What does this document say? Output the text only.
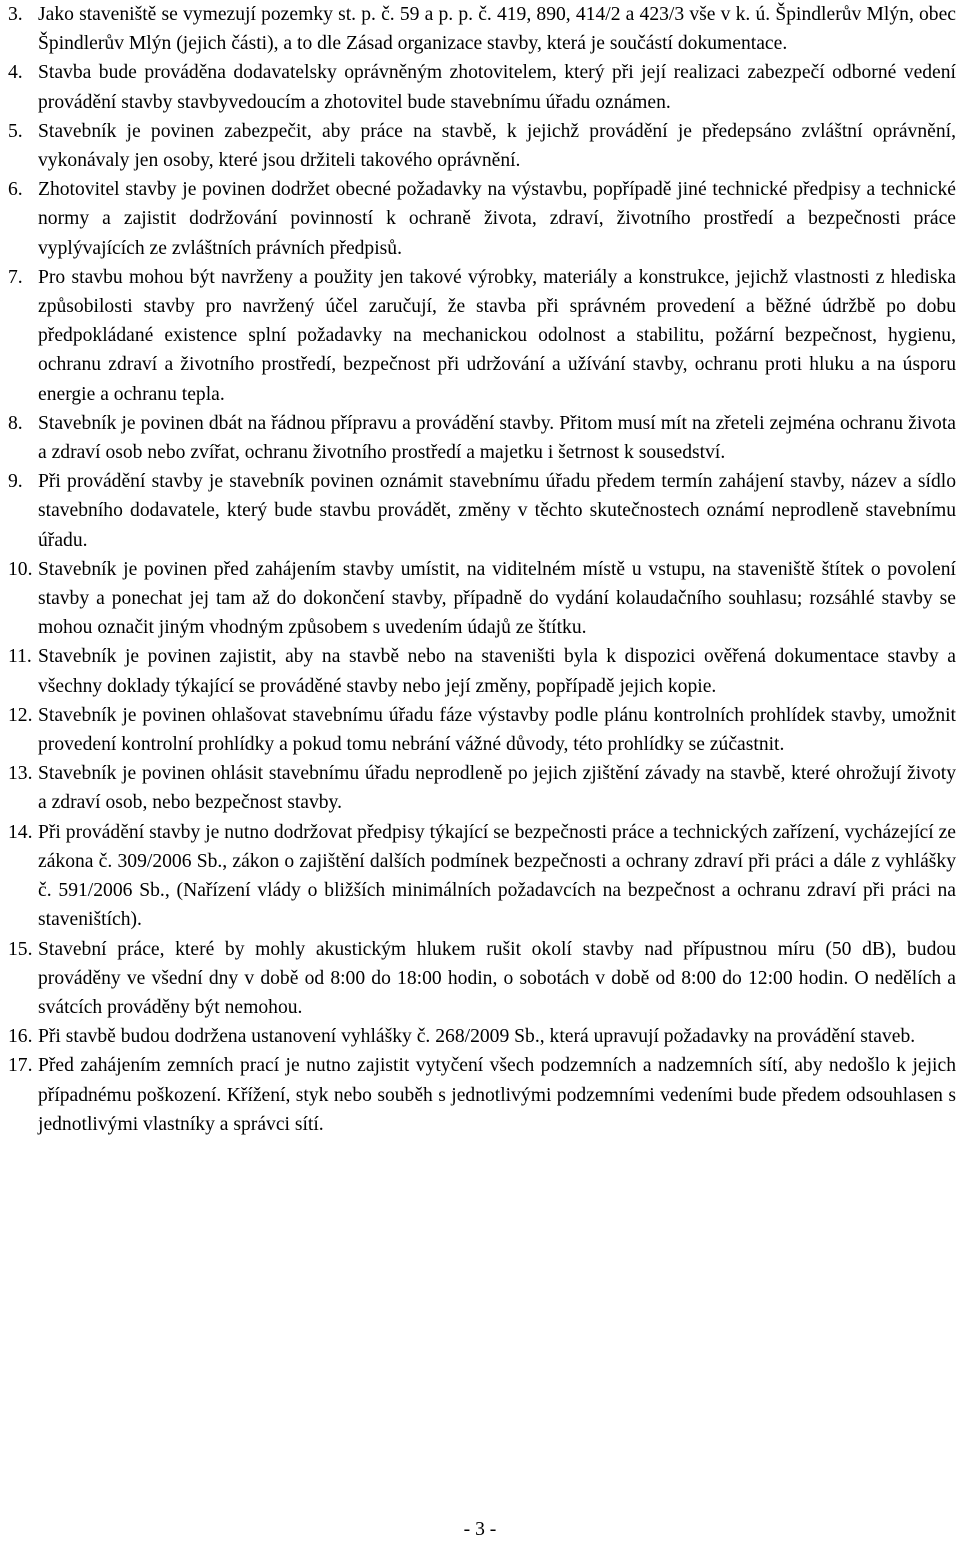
3. Jako staveniště se vymezují pozemky st. p. č. 59 a p. p. č. 419, 890, 414/2 a 423/3 vše v k. ú. Špindlerův Mlýn, obec Špindlerův Mlýn (jejich části), a to dle Zásad organizace stavby, která je součástí dokumentace.
4. Stavba bude prováděna dodavatelsky oprávněným zhotovitelem, který při její realizaci zabezpečí odborné vedení provádění stavby stavbyvedoucím a zhotovitel bude stavebnímu úřadu oznámen.
5. Stavebník je povinen zabezpečit, aby práce na stavbě, k jejichž provádění je předepsáno zvláštní oprávnění, vykonávaly jen osoby, které jsou držiteli takového oprávnění.
6. Zhotovitel stavby je povinen dodržet obecné požadavky na výstavbu, popřípadě jiné technické předpisy a technické normy a zajistit dodržování povinností k ochraně života, zdraví, životního prostředí a bezpečnosti práce vyplývajících ze zvláštních právních předpisů.
7. Pro stavbu mohou být navrženy a použity jen takové výrobky, materiály a konstrukce, jejichž vlastnosti z hlediska způsobilosti stavby pro navržený účel zaručují, že stavba při správném provedení a běžné údržbě po dobu předpokládané existence splní požadavky na mechanickou odolnost a stabilitu, požární bezpečnost, hygienu, ochranu zdraví a životního prostředí, bezpečnost při udržování a užívání stavby, ochranu proti hluku a na úsporu energie a ochranu tepla.
8. Stavebník je povinen dbát na řádnou přípravu a provádění stavby. Přitom musí mít na zřeteli zejména ochranu života a zdraví osob nebo zvířat, ochranu životního prostředí a majetku i šetrnost k sousedství.
9. Při provádění stavby je stavebník povinen oznámit stavebnímu úřadu předem termín zahájení stavby, název a sídlo stavebního dodavatele, který bude stavbu provádět, změny v těchto skutečnostech oznámí neprodleně stavebnímu úřadu.
10. Stavebník je povinen před zahájením stavby umístit, na viditelném místě u vstupu, na staveniště štítek o povolení stavby a ponechat jej tam až do dokončení stavby, případně do vydání kolaudačního souhlasu; rozsáhlé stavby se mohou označit jiným vhodným způsobem s uvedením údajů ze štítku.
11. Stavebník je povinen zajistit, aby na stavbě nebo na staveništi byla k dispozici ověřená dokumentace stavby a všechny doklady týkající se prováděné stavby nebo její změny, popřípadě jejich kopie.
12. Stavebník je povinen ohlašovat stavebnímu úřadu fáze výstavby podle plánu kontrolních prohlídek stavby, umožnit provedení kontrolní prohlídky a pokud tomu nebrání vážné důvody, této prohlídky se zúčastnit.
13. Stavebník je povinen ohlásit stavebnímu úřadu neprodleně po jejich zjištění závady na stavbě, které ohrožují životy a zdraví osob, nebo bezpečnost stavby.
14. Při provádění stavby je nutno dodržovat předpisy týkající se bezpečnosti práce a technických zařízení, vycházející ze zákona č. 309/2006 Sb., zákon o zajištění dalších podmínek bezpečnosti a ochrany zdraví při práci a dále z vyhlášky č. 591/2006 Sb., (Nařízení vlády o bližších minimálních požadavcích na bezpečnost a ochranu zdraví při práci na staveništích).
15. Stavební práce, které by mohly akustickým hlukem rušit okolí stavby nad přípustnou míru (50 dB), budou prováděny ve všední dny v době od 8:00 do 18:00 hodin, o sobotách v době od 8:00 do 12:00 hodin. O nedělích a svátcích prováděny být nemohou.
16. Při stavbě budou dodržena ustanovení vyhlášky č. 268/2009 Sb., která upravují požadavky na provádění staveb.
17. Před zahájením zemních prací je nutno zajistit vytyčení všech podzemních a nadzemních sítí, aby nedošlo k jejich případnému poškození. Křížení, styk nebo souběh s jednotlivými podzemními vedeními bude předem odsouhlasen s jednotlivými vlastníky a správci sítí.
- 3 -
